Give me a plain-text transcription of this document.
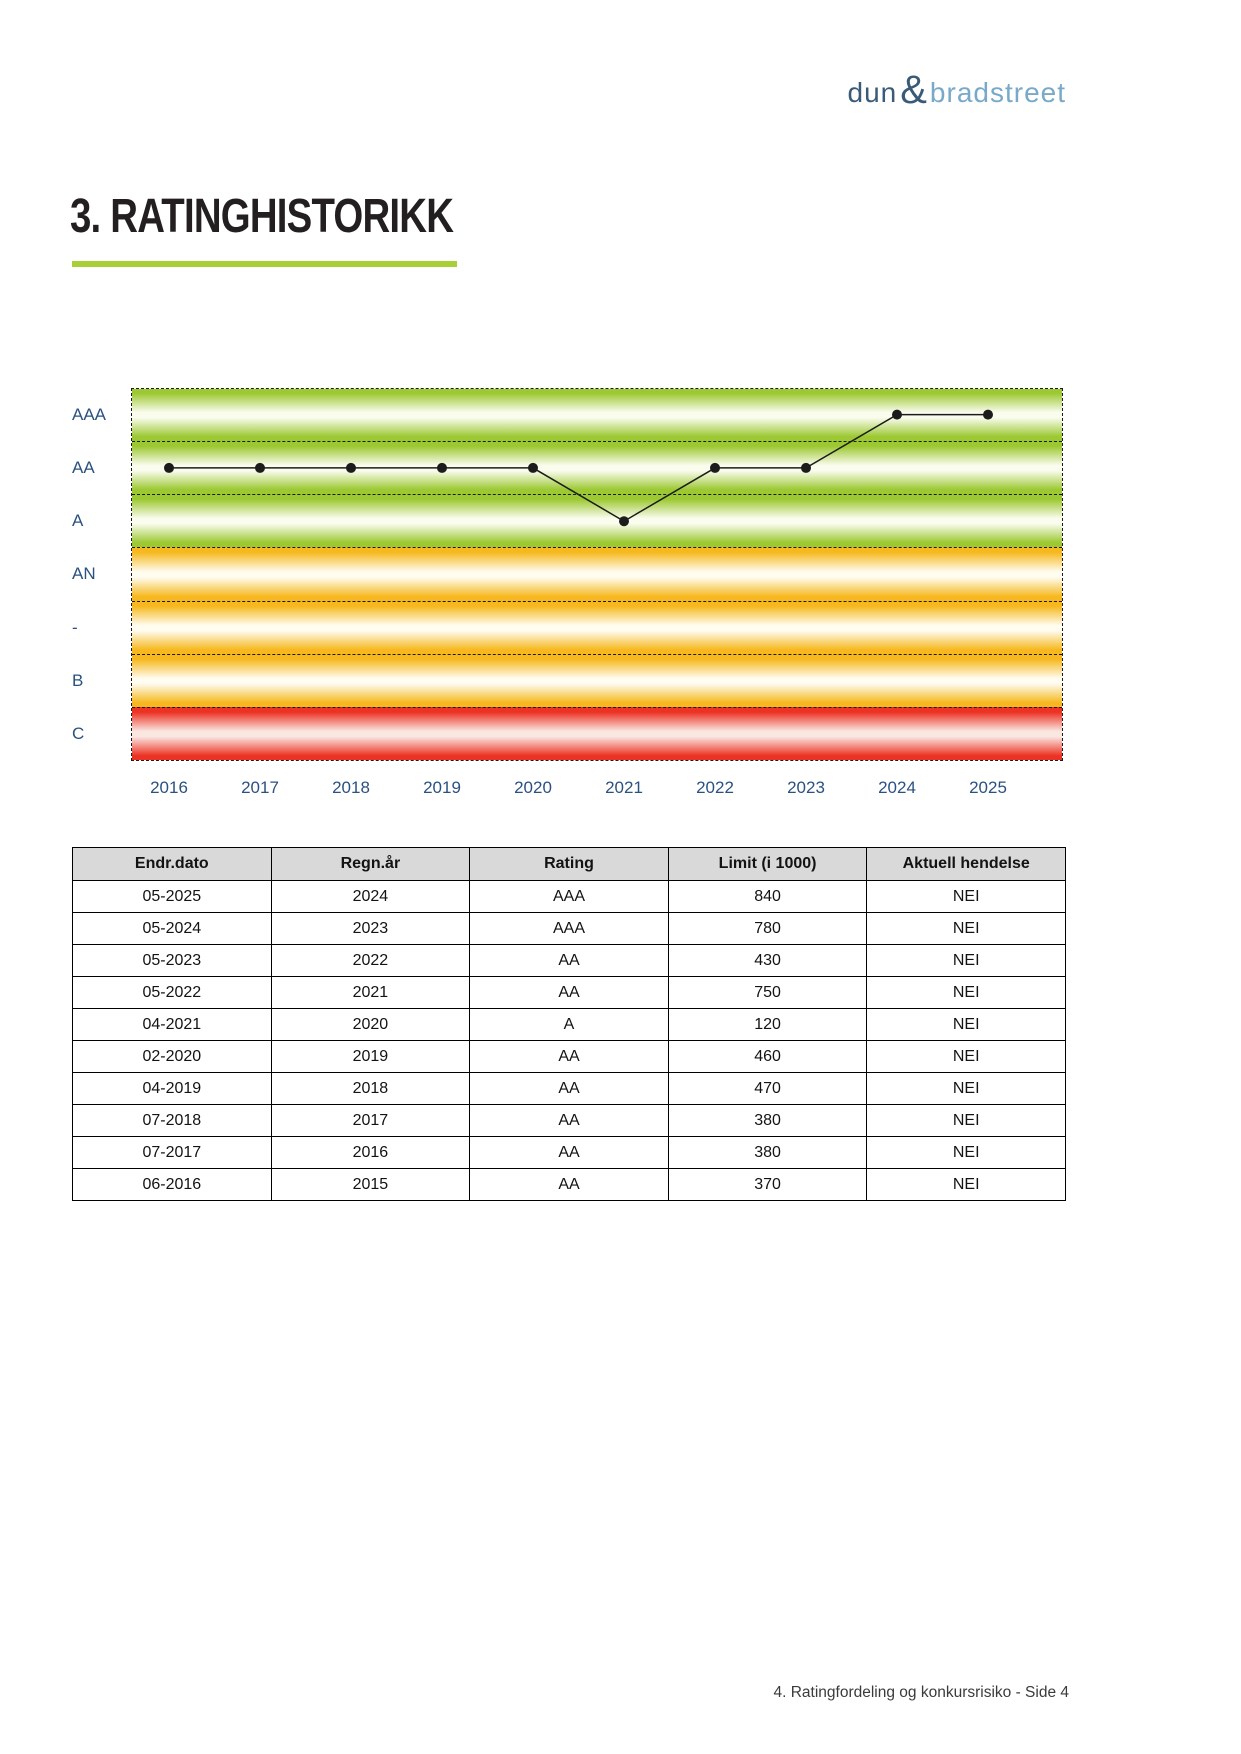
dun & bradstreet
3. RATINGHISTORIKK
AAA
AA
A
AN
-
B
C
2016	2017	2018	2019	2020	2021	2022	2023	2024	2025
Endr.dato	Regn.år	Rating	Limit (i 1000)	Aktuell hendelse
05-2025	2024	AAA	840	NEI
05-2024	2023	AAA	780	NEI
05-2023	2022	AA	430	NEI
05-2022	2021	AA	750	NEI
04-2021	2020	A	120	NEI
02-2020	2019	AA	460	NEI
04-2019	2018	AA	470	NEI
07-2018	2017	AA	380	NEI
07-2017	2016	AA	380	NEI
06-2016	2015	AA	370	NEI
4. Ratingfordeling og konkursrisiko - Side 4
